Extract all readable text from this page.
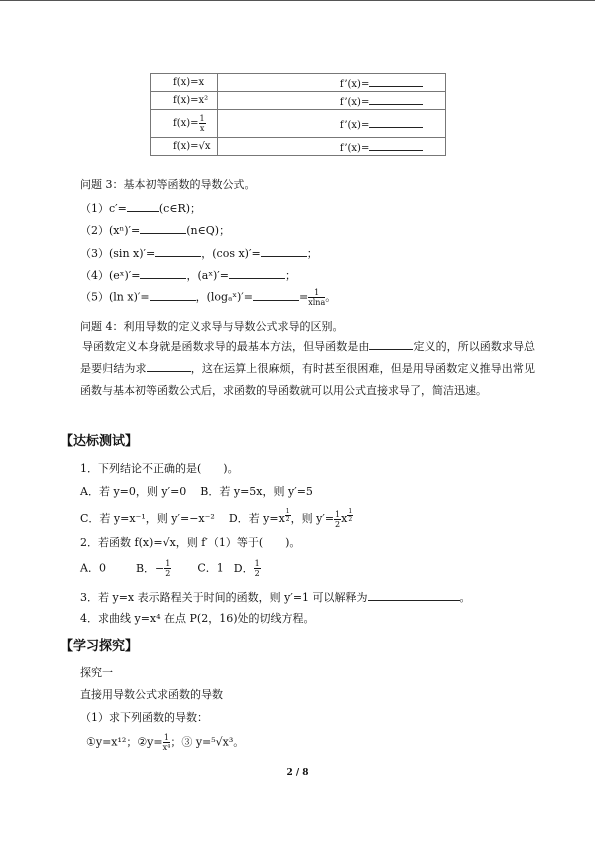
f(x)=x	f’(x)=
f(x)=x²	f’(x)=
$f(x)= \frac{1}{x}$	f’(x)=
f(x)=√x	f’(x)=
问题 3：基本初等函数的导数公式。
（1）c′=	(c∈R)；
（2）(xⁿ)′=	(n∈Q)；
（3）(sin x)′=	，(cos x)′=	；
（4）(eˣ)′=	，(aˣ)′=	；
（5）(ln x)′=	，(logₐˣ)′=	= $\frac{1}{xlna}$ 。
问题 4：利用导数的定义求导与导数公式求导的区别。
导函数定义本身就是函数求导的最基本方法，但导函数是由	定义的，所以函数求导总是要归结为求	，这在运算上很麻烦，有时甚至很困难，但是用导函数定义推导出常见函数与基本初等函数公式后，求函数的导函数就可以用公式直接求导了，简洁迅速。
【达标测试】
1．下列结论不正确的是(　　)。
A．若 y=0，则 y′=0 B．若 y=5x，则 y′=5
C．若 y=x⁻¹，则 y′=−x⁻² D．若 y=x $^{\frac{1}{2}}$ ，则 $y'= \frac{1}{2}$ x $^{\frac{1}{2}}$
2．若函数 f(x)=√x，则 f′（1）等于(　　)。
A．0	B．− $\frac{1}{2}$ C．1 D． $\frac{1}{2}$
3．若 y=x 表示路程关于时间的函数，则 y′=1 可以解释为	。
4．求曲线 y=x⁴ 在点 P(2，16)处的切线方程。
【学习探究】
探究一
直接用导数公式求函数的导数
（1）求下列函数的导数：
①y=x¹²；②y= $\frac{1}{\text{x⁴}}$ ；③ y=⁵√x³。
2 / 8
